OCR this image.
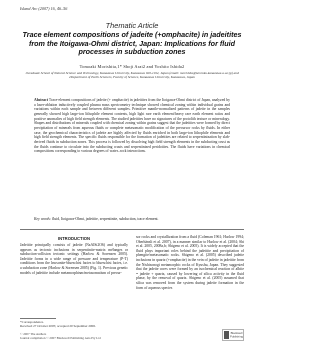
Island Arc (2007) 16, 46–56
Thematic Article
Trace element compositions of jadeite (+omphacite) in jadeitites from the Itoigawa-Ohmi district, Japan: Implications for fluid processes in subduction zones
Tomoaki Morishita,1* Shoji Arai2 and Yoshito Ishida2
1Graduate School of Natural Science and Technology, Kanazawa University, Kanazawa 920-1192, Japan (email: morishita@kenroku.kanazawa-u.ac.jp) and 2Department of Earth Sciences, Faculty of Science, Kanazawa University, Kanazawa, Japan
Abstract Trace-element compositions of jadeite (+ omphacite) in jadeitites from the Itoigawa-Ohmi district of Japan, analyzed by a laser-ablation inductively coupled plasma mass spectrometry technique showed chemical zoning within individual grains and variations within each sample and between different samples. Primitive mantle-normalized patterns of jadeite in the samples generally showed high large-ion lithophile element contents, high light rare earth element/heavy rare earth element ratios and positive anomalies of high field strength elements. The studied jadeitites have no signatures of the protolith texture or mineralogy. Shapes and distributions of minerals coupled with chemical zoning within grains suggest that the jadeitites were formed by direct precipitation of minerals from aqueous fluids or complete metasomatic modification of the precursor rocks by fluids. In either case, the geochemical characteristics of jadeite are highly affected by fluids enriched in both large-ion lithophile elements and high field strength elements. The specific fluids responsible for the formation of jadeitites are related to serpentinization by slab-derived fluids in subduction zones. This process is followed by dissolving high field strength elements in the subducting crust as the fluids continue to circulate into the subducting crusts and serpentinized peridotites. The fluids have variations in chemical compositions corresponding to various degrees of water–rock interactions.
Key words: fluid, Itoigawa-Ohmi, jadeitite, serpentinite, subduction, trace element.
INTRODUCTION
Jadeitite principally consists of jadeite (NaAlSi2O6) and typically appears as tectonic inclusions in serpentinite-matrix mélanges or subduction-collision tectonic settings (Harlow & Sorensen 2005). Jadeitite forms in a wide range of pressure and temperature (P-T) conditions from the lawsonite-blueschist facies to blueschist facies, i.e. a subduction zone (Harlow & Sorensen 2005) (Fig. 1). Previous genetic models of jadeitite include metamorphism/metasomatism of precur-
sor rocks and crystallization from a fluid (Coleman 1961; Harlow 1994; Oberhänsli et al. 2007), in a manner similar to Harlow et al. (2004; Shi et al. 2005, 2008a,b; Shigeno et al. 2005). It is widely accepted that the fluid plays important roles behind the jadeitite and precipitation of phengite/metasomatic rocks. Shigeno et al. (2005) described jadeite inclusions in quartz (+omphacite) in the vein of jadeite in jadeitite from the Nishisonogi metamorphic rocks of Kyushu, Japan. They suggested that the jadeite cores were formed by an isochemical reaction of albite = jadeite + quartz, caused by lowering of silica activity in the fluid phase, by the removal of quartz. Shigeno et al. (2005) assumed that silica was removed from the system during jadeite formation in the form of aqueous species
*Correspondence.
Received 27 October 2005; accepted 20 September 2006.
© 2007 The Authors
Journal compilation © 2007 Blackwell Publishing Asia Pty Ltd
Blackwell
Publishing
